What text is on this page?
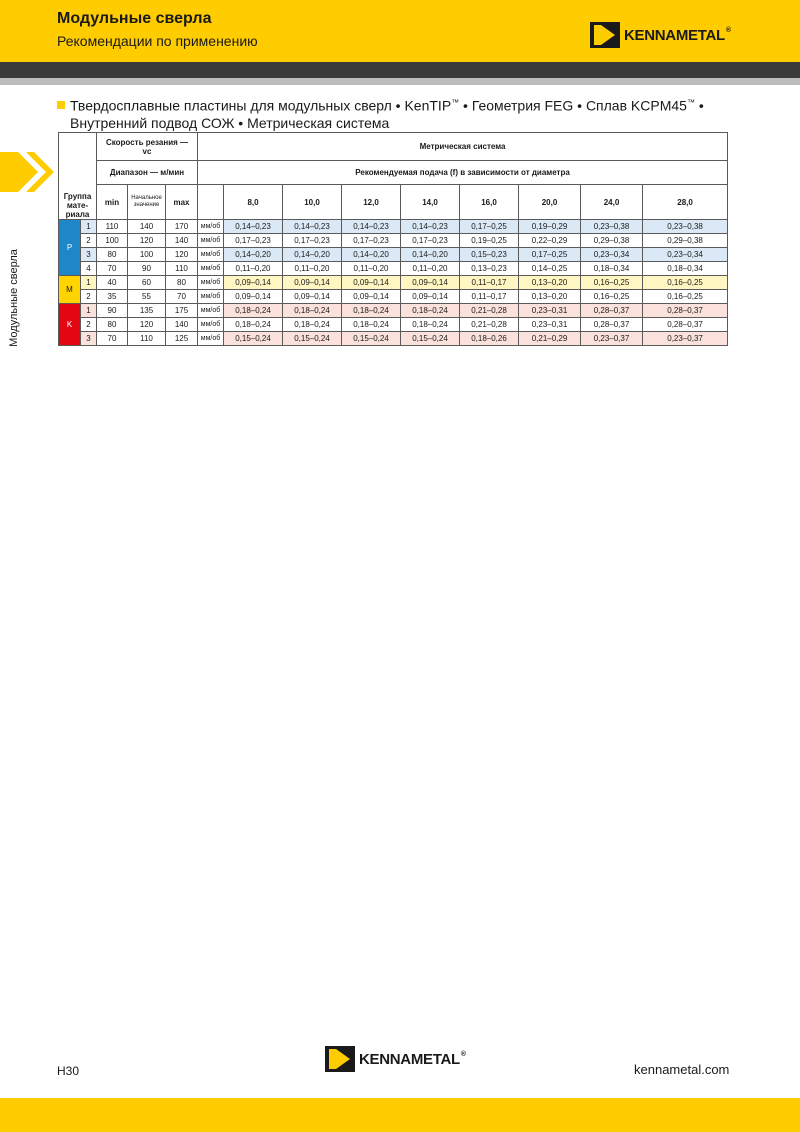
Модульные сверла
Рекомендации по применению	KENNAMETAL®
Модульные сверла
Твердосплавные пластины для модульных сверл • KenTIP™ • Геометрия FEG • Сплав KCPM45™ •
Внутренний подвод СОЖ • Метрическая система
		Скорость резания — vc			Метрическая система								
		Диапазон — м/мин			Рекомендуемая подача (f) в зависимости от диаметра								

Группа мате-риала		min	Начальное значение	max		8,0	10,0	12,0	14,0	16,0	20,0	24,0	28,0
P	1	110	140	170	мм/об	0,14–0,23	0,14–0,23	0,14–0,23	0,14–0,23	0,17–0,25	0,19–0,29	0,23–0,38	0,23–0,38
	2	100	120	140	мм/об	0,17–0,23	0,17–0,23	0,17–0,23	0,17–0,23	0,19–0,25	0,22–0,29	0,29–0,38	0,29–0,38
	3	80	100	120	мм/об	0,14–0,20	0,14–0,20	0,14–0,20	0,14–0,20	0,15–0,23	0,17–0,25	0,23–0,34	0,23–0,34
	4	70	90	110	мм/об	0,11–0,20	0,11–0,20	0,11–0,20	0,11–0,20	0,13–0,23	0,14–0,25	0,18–0,34	0,18–0,34
M	1	40	60	80	мм/об	0,09–0,14	0,09–0,14	0,09–0,14	0,09–0,14	0,11–0,17	0,13–0,20	0,16–0,25	0,16–0,25
	2	35	55	70	мм/об	0,09–0,14	0,09–0,14	0,09–0,14	0,09–0,14	0,11–0,17	0,13–0,20	0,16–0,25	0,16–0,25
K	1	90	135	175	мм/об	0,18–0,24	0,18–0,24	0,18–0,24	0,18–0,24	0,21–0,28	0,23–0,31	0,28–0,37	0,28–0,37
	2	80	120	140	мм/об	0,18–0,24	0,18–0,24	0,18–0,24	0,18–0,24	0,21–0,28	0,23–0,31	0,28–0,37	0,28–0,37
	3	70	110	125	мм/об	0,15–0,24	0,15–0,24	0,15–0,24	0,15–0,24	0,18–0,26	0,21–0,29	0,23–0,37	0,23–0,37
H30
KENNAMETAL®
kennametal.com
